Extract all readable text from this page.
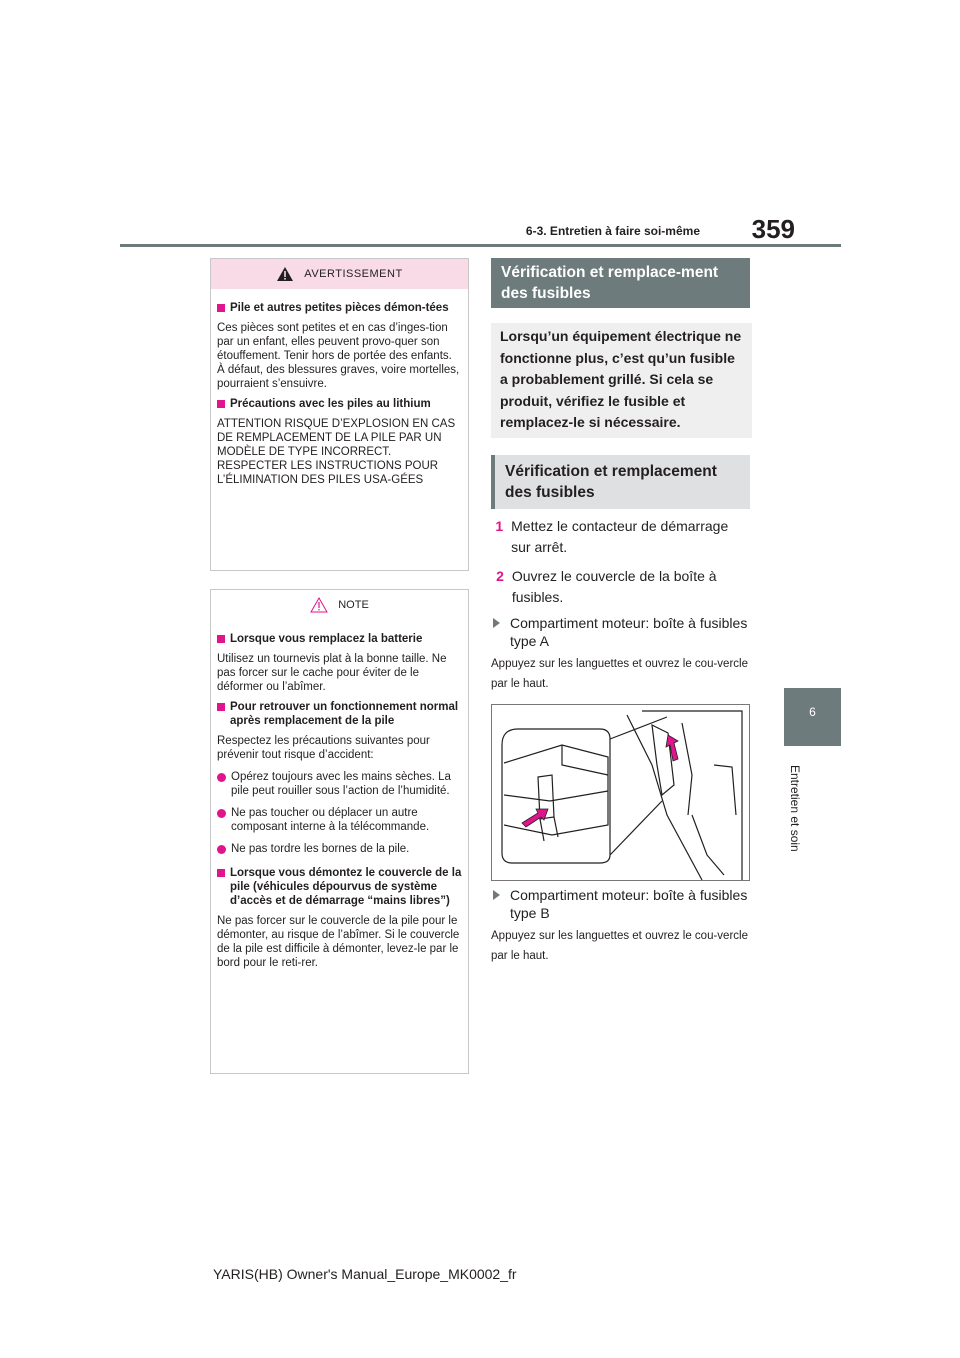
6-3. Entretien à faire soi-même	359
6
Entretien et soin
AVERTISSEMENT
Pile et autres petites pièces démon-tées
Ces pièces sont petites et en cas d’inges-tion par un enfant, elles peuvent provo-quer son étouffement. Tenir hors de portée des enfants. À défaut, des blessures graves, voire mortelles, pourraient s’ensuivre.
Précautions avec les piles au lithium
ATTENTION RISQUE D’EXPLOSION EN CAS DE REMPLACEMENT DE LA PILE PAR UN MODÈLE DE TYPE INCORRECT. RESPECTER LES INSTRUCTIONS POUR L’ÉLIMINATION DES PILES USA-GÉES
NOTE
Lorsque vous remplacez la batterie
Utilisez un tournevis plat à la bonne taille. Ne pas forcer sur le cache pour éviter de le déformer ou l’abîmer.
Pour retrouver un fonctionnement normal après remplacement de la pile
Respectez les précautions suivantes pour prévenir tout risque d’accident:
Opérez toujours avec les mains sèches. La pile peut rouiller sous l’action de l’humidité.
Ne pas toucher ou déplacer un autre composant interne à la télécommande.
Ne pas tordre les bornes de la pile.
Lorsque vous démontez le couvercle de la pile (véhicules dépourvus de système d’accès et de démarrage “mains libres”)
Ne pas forcer sur le couvercle de la pile pour le démonter, au risque de l’abîmer. Si le couvercle de la pile est difficile à démonter, levez-le par le bord pour le reti-rer.
Vérification et remplace-ment des fusibles
Lorsqu’un équipement électrique ne fonctionne plus, c’est qu’un fusible a probablement grillé. Si cela se produit, vérifiez le fusible et remplacez-le si nécessaire.
Vérification et remplacement des fusibles
1 Mettez le contacteur de démarrage sur arrêt.
2 Ouvrez le couvercle de la boîte à fusibles.
Compartiment moteur: boîte à fusibles type A
Appuyez sur les languettes et ouvrez le cou-vercle par le haut.
Compartiment moteur: boîte à fusibles type B
Appuyez sur les languettes et ouvrez le cou-vercle par le haut.
YARIS(HB) Owner's Manual_Europe_MK0002_fr
